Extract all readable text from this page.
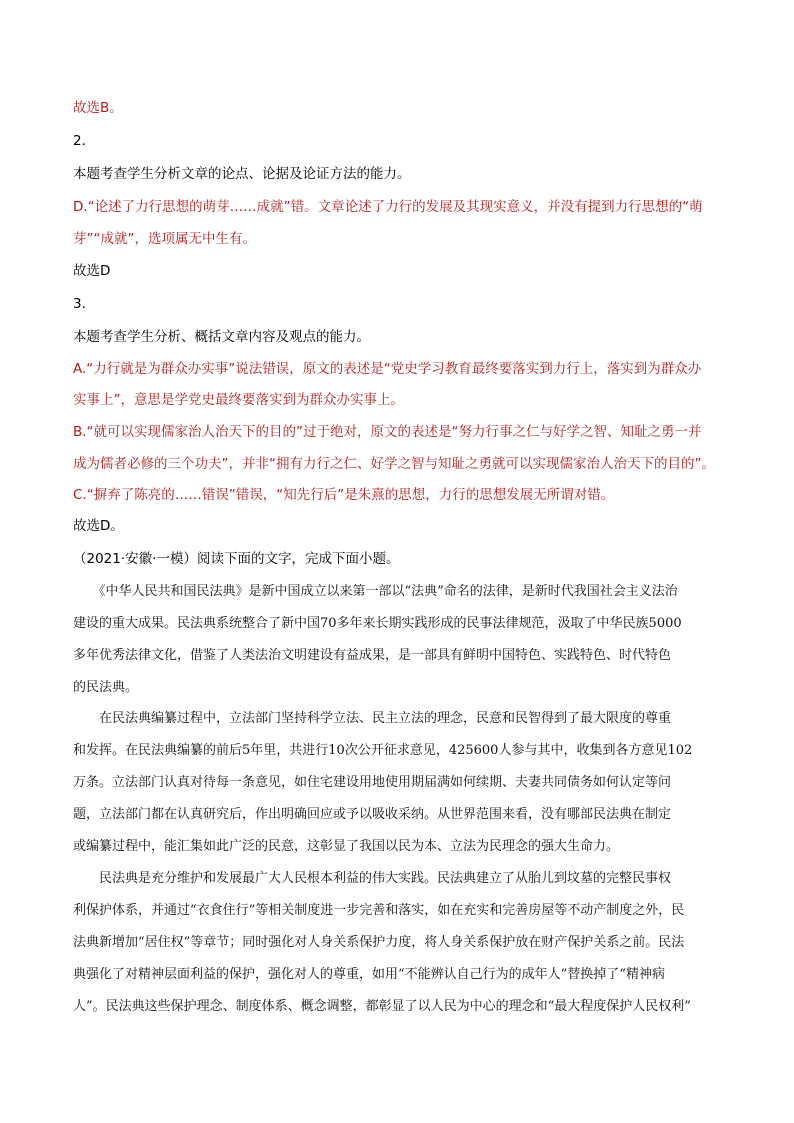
故选B。
2．
本题考查学生分析文章的论点、论据及论证方法的能力。
D.“论述了力行思想的萌芽……成就”错。文章论述了力行的发展及其现实意义，并没有提到力行思想的“萌
芽”“成就”，选项属无中生有。
故选D
3．
本题考查学生分析、概括文章内容及观点的能力。
A.“力行就是为群众办实事”说法错误，原文的表述是“党史学习教育最终要落实到力行上，落实到为群众办
实事上”，意思是学党史最终要落实到为群众办实事上。
B.“就可以实现儒家治人治天下的目的”过于绝对，原文的表述是“努力行事之仁与好学之智、知耻之勇一并
成为儒者必修的三个功夫”，并非“拥有力行之仁、好学之智与知耻之勇就可以实现儒家治人治天下的目的”。
C.“摒弃了陈亮的……错误”错误，“知先行后”是朱熹的思想，力行的思想发展无所谓对错。
故选D。
（2021·安徽·一模）阅读下面的文字，完成下面小题。
　　《中华人民共和国民法典》是新中国成立以来第一部以“法典”命名的法律，是新时代我国社会主义法治
建设的重大成果。民法典系统整合了新中国70多年来长期实践形成的民事法律规范，汲取了中华民族5000
多年优秀法律文化，借鉴了人类法治文明建设有益成果，是一部具有鲜明中国特色、实践特色、时代特色
的民法典。
　　在民法典编纂过程中，立法部门坚持科学立法、民主立法的理念，民意和民智得到了最大限度的尊重
和发挥。在民法典编纂的前后5年里，共进行10次公开征求意见，425600人参与其中，收集到各方意见102
万条。立法部门认真对待每一条意见，如住宅建设用地使用期届满如何续期、夫妻共同债务如何认定等问
题，立法部门都在认真研究后，作出明确回应或予以吸收采纳。从世界范围来看，没有哪部民法典在制定
或编纂过程中，能汇集如此广泛的民意，这彰显了我国以民为本、立法为民理念的强大生命力。
　　民法典是充分维护和发展最广大人民根本利益的伟大实践。民法典建立了从胎儿到坟墓的完整民事权
利保护体系，并通过“衣食住行”等相关制度进一步完善和落实，如在充实和完善房屋等不动产制度之外，民
法典新增加“居住权”等章节；同时强化对人身关系保护力度，将人身关系保护放在财产保护关系之前。民法
典强化了对精神层面利益的保护，强化对人的尊重，如用“不能辨认自己行为的成年人”替换掉了“精神病
人”。民法典这些保护理念、制度体系、概念调整，都彰显了以人民为中心的理念和“最大程度保护人民权利”
